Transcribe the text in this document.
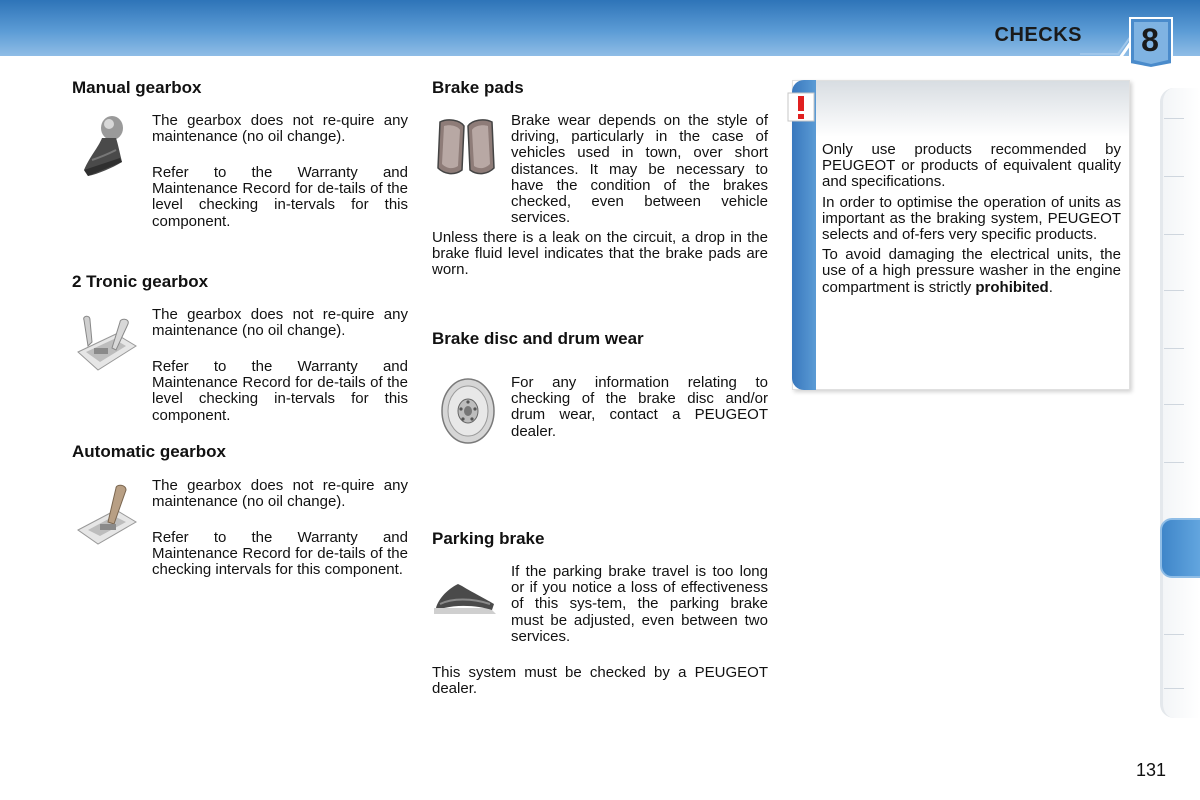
CHECKS	8
Manual gearbox
The gearbox does not re-quire any maintenance (no oil change).
Refer to the Warranty and Maintenance Record for de-tails of the level checking in-tervals for this component.
2 Tronic gearbox
The gearbox does not re-quire any maintenance (no oil change).
Refer to the Warranty and Maintenance Record for de-tails of the level checking in-tervals for this component.
Automatic gearbox
The gearbox does not re-quire any maintenance (no oil change).
Refer to the Warranty and Maintenance Record for de-tails of the checking intervals for this component.
Brake pads
Brake wear depends on the style of driving, particularly in the case of vehicles used in town, over short distances. It may be necessary to have the condition of the brakes checked, even between vehicle services.
Unless there is a leak on the circuit, a drop in the brake fluid level indicates that the brake pads are worn.
Brake disc and drum wear
For any information relating to checking of the brake disc and/or drum wear, contact a PEUGEOT dealer.
Parking brake
If the parking brake travel is too long or if you notice a loss of effectiveness of this sys-tem, the parking brake must be adjusted, even between two services.
This system must be checked by a PEUGEOT dealer.
Only use products recommended by PEUGEOT or products of equivalent quality and specifications.
In order to optimise the operation of units as important as the braking system, PEUGEOT selects and of-fers very specific products.
To avoid damaging the electrical units, the use of a high pressure washer in the engine compartment is strictly prohibited.
131
